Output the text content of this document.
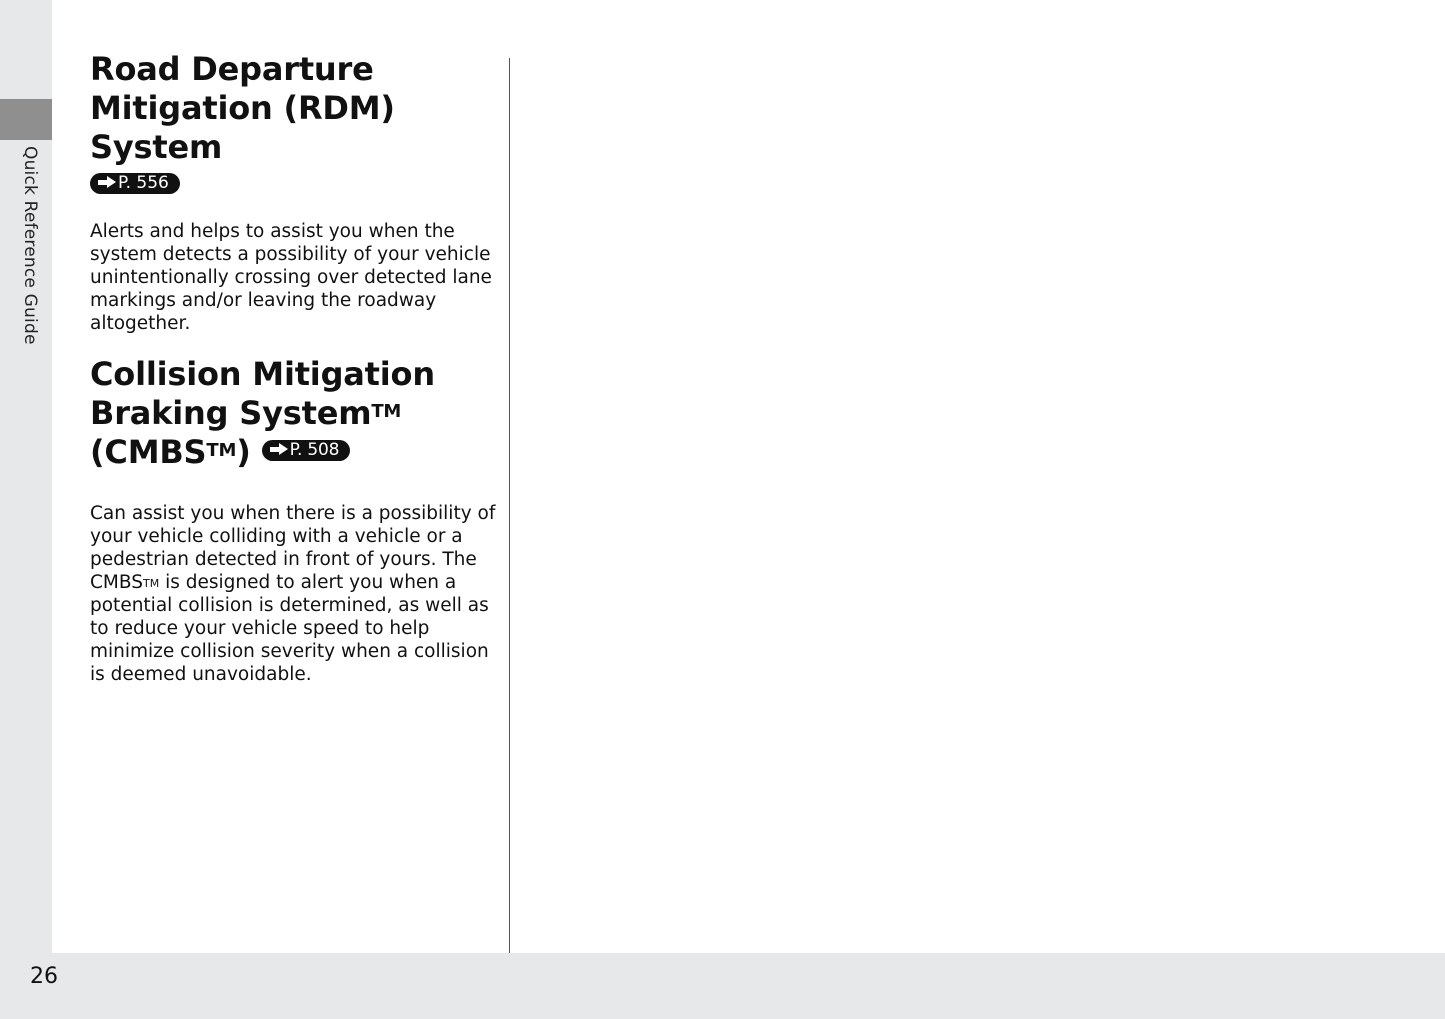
Quick Reference Guide
26
Road Departure
Mitigation (RDM) System
P. 556

Alerts and helps to assist you when the system detects a possibility of your vehicle unintentionally crossing over detected lane markings and/or leaving the roadway altogether.

Collision Mitigation
Braking System™
(CMBS™) P. 508

Can assist you when there is a possibility of your vehicle colliding with a vehicle or a pedestrian detected in front of yours. The CMBS™ is designed to alert you when a potential collision is determined, as well as to reduce your vehicle speed to help minimize collision severity when a collision is deemed unavoidable.
